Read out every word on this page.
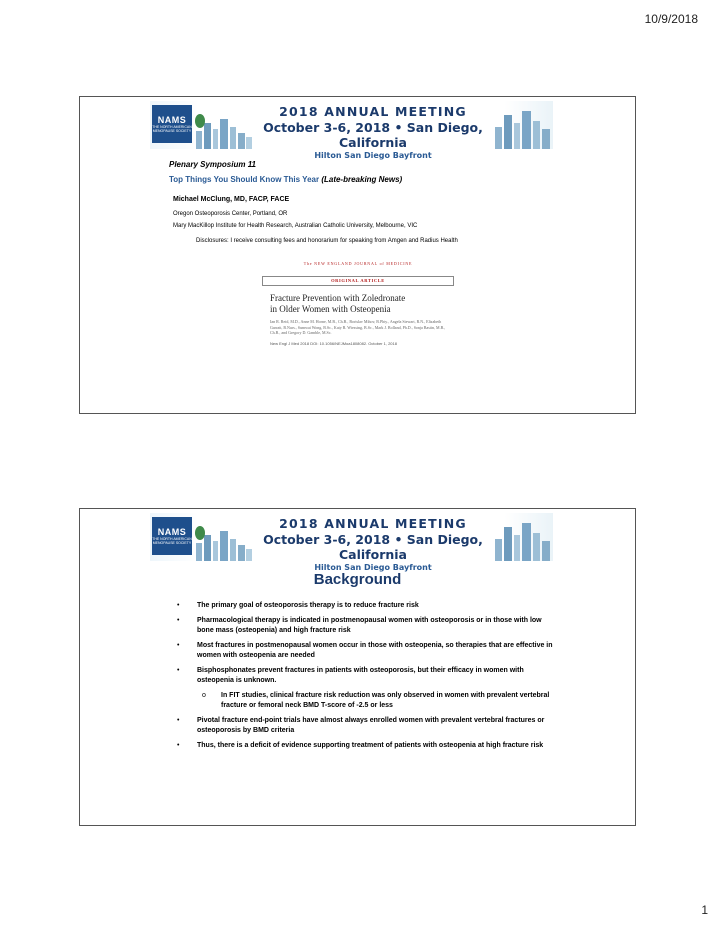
10/9/2018
NAMS
THE NORTH AMERICAN MENOPAUSE SOCIETY
2018 ANNUAL MEETING
October 3-6, 2018 • San Diego, California
Hilton San Diego Bayfront
Plenary Symposium 11
Top Things You Should Know This Year (Late-breaking News)
Michael McClung, MD, FACP, FACE
Oregon Osteoporosis Center, Portland, OR
Mary MacKillop Institute for Health Research, Australian Catholic University, Melbourne, VIC
Disclosures: I receive consulting fees and honorarium for speaking from Amgen and Radius Health
The NEW ENGLAND JOURNAL of MEDICINE
ORIGINAL ARTICLE
Fracture Prevention with Zoledronate
in Older Women with Osteopenia
Ian R. Reid, M.D., Anne M. Horne, M.B., Ch.B., Borislav Mihov, B.Phty., Angela Stewart, R.N., Elizabeth Garratt, B.Nurs., Sumwai Wong, B.Sc., Katy R. Wiessing, B.Sc., Mark J. Bolland, Ph.D., Sonja Bastin, M.B., Ch.B., and Gregory D. Gamble, M.Sc.
New Engl J Med 2018 DOI: 10.1056/NEJMoa1808082. October 1, 2018
NAMS
THE NORTH AMERICAN MENOPAUSE SOCIETY
2018 ANNUAL MEETING
October 3-6, 2018 • San Diego, California
Hilton San Diego Bayfront
Background
•	The primary goal of osteoporosis therapy is to reduce fracture risk
•	Pharmacological therapy is indicated in postmenopausal women with osteoporosis or in those with low bone mass (osteopenia) and high fracture risk
•	Most fractures in postmenopausal women occur in those with osteopenia, so therapies that are effective in women with osteopenia are needed
•	Bisphosphonates prevent fractures in patients with osteoporosis, but their efficacy in women with osteopenia is unknown.
o In FIT studies, clinical fracture risk reduction was only observed in women with prevalent vertebral fracture or femoral neck BMD T-score of -2.5 or less
•	Pivotal fracture end-point trials have almost always enrolled women with prevalent vertebral fractures or osteoporosis by BMD criteria
•	Thus, there is a deficit of evidence supporting treatment of patients with osteopenia at high fracture risk
1
